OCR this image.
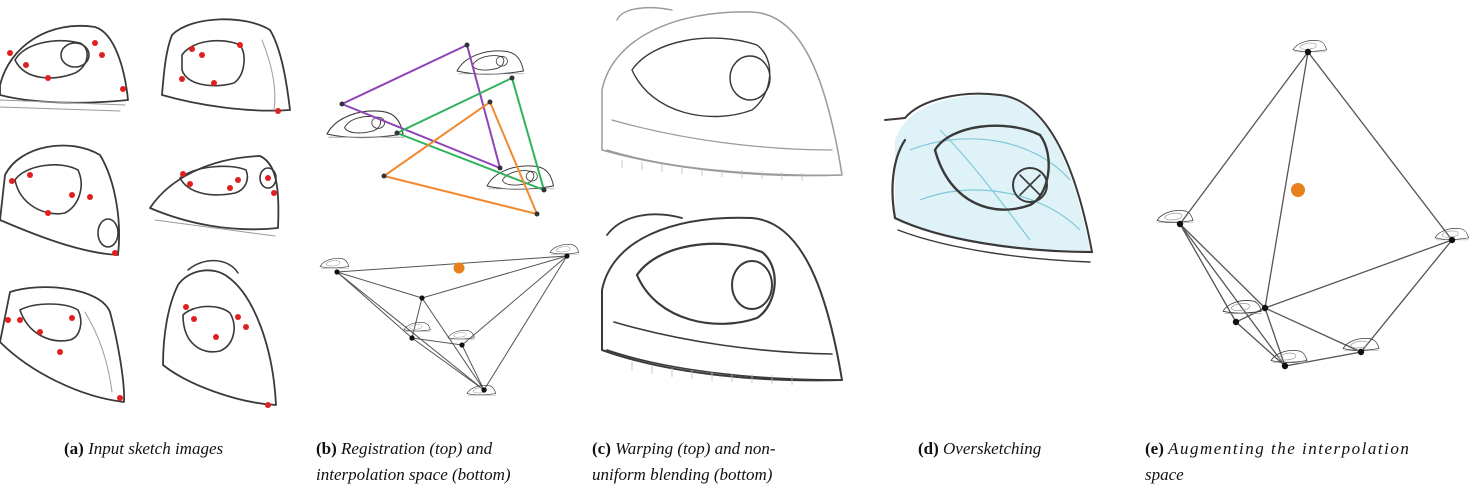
(a) Input sketch images	(b) Registration (top) and
interpolation space (bottom)
(c) Warping (top) and non-
uniform blending (bottom)
(d) Oversketching	(e) Augmenting the interpolation
space
